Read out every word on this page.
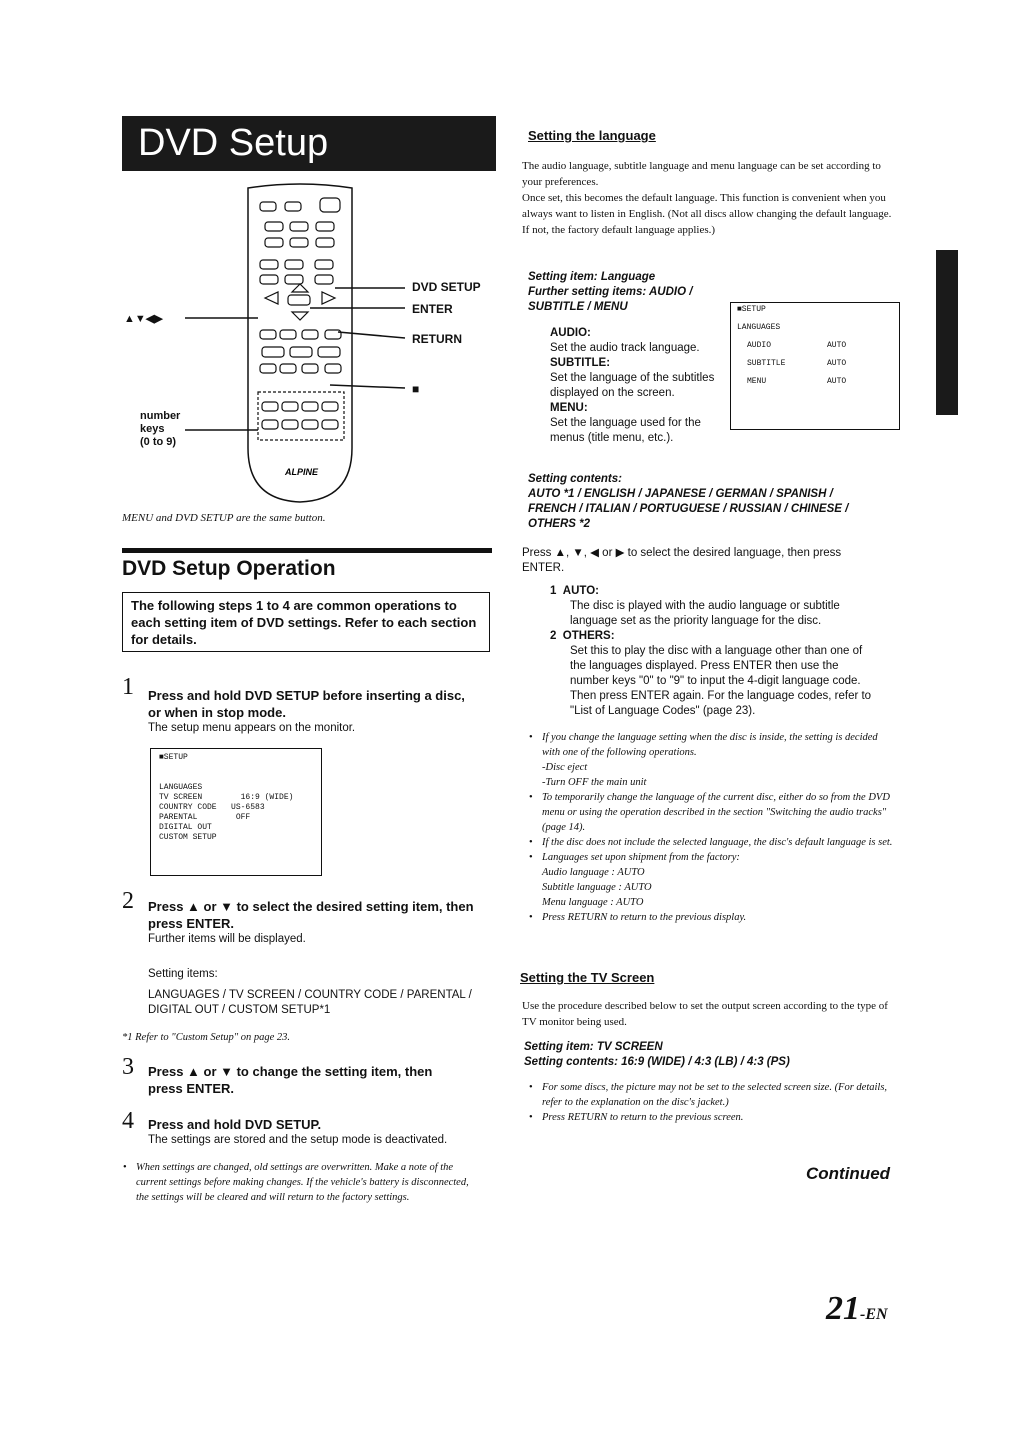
DVD Setup
ALPINE
DVD SETUP
ENTER
RETURN
■
▲▼◀▶
number
keys
(0 to 9)
MENU and DVD SETUP are the same button.
DVD Setup Operation
The following steps 1 to 4 are common operations to each setting item of DVD settings. Refer to each section for details.
1 Press and hold DVD SETUP before inserting a disc, or when in stop mode.
The setup menu appears on the monitor.
■SETUP
LANGUAGES
TV SCREEN        16:9 (WIDE)
COUNTRY CODE   US-6583
PARENTAL        OFF
DIGITAL OUT
CUSTOM SETUP
2 Press ▲ or ▼ to select the desired setting item, then press ENTER.
Further items will be displayed.
Setting items:
LANGUAGES / TV SCREEN / COUNTRY CODE / PARENTAL / DIGITAL OUT / CUSTOM SETUP*1
*1 Refer to "Custom Setup" on page 23.
3 Press ▲ or ▼ to change the setting item, then press ENTER.
4 Press and hold DVD SETUP.
The settings are stored and the setup mode is deactivated.
• When settings are changed, old settings are overwritten. Make a note of the current settings before making changes. If the vehicle's battery is disconnected, the settings will be cleared and will return to the factory settings.
Setting the language
The audio language, subtitle language and menu language can be set according to your preferences.
Once set, this becomes the default language. This function is convenient when you always want to listen in English. (Not all discs allow changing the default language. If not, the factory default language applies.)
Setting item: Language
Further setting items: AUDIO / SUBTITLE / MENU
AUDIO:
Set the audio track language.
SUBTITLE:
Set the language of the subtitles displayed on the screen.
MENU:
Set the language used for the menus (title menu, etc.).
■SETUP
LANGUAGES
AUDIO	AUTO
SUBTITLE	AUTO
MENU	AUTO
Setting contents:
AUTO *1 / ENGLISH / JAPANESE / GERMAN / SPANISH / FRENCH / ITALIAN / PORTUGUESE / RUSSIAN / CHINESE / OTHERS *2
Press ▲, ▼, ◀ or ▶ to select the desired language, then press ENTER.
1  AUTO:
The disc is played with the audio language or subtitle language set as the priority language for the disc.
2  OTHERS:
Set this to play the disc with a language other than one of the languages displayed. Press ENTER then use the number keys "0" to "9" to input the 4-digit language code. Then press ENTER again. For the language codes, refer to "List of Language Codes" (page 23).
• If you change the language setting when the disc is inside, the setting is decided with one of the following operations.
-Disc eject
-Turn OFF the main unit
• To temporarily change the language of the current disc, either do so from the DVD menu or using the operation described in the section "Switching the audio tracks" (page 14).
• If the disc does not include the selected language, the disc's default language is set.
• Languages set upon shipment from the factory:
Audio language : AUTO
Subtitle language : AUTO
Menu language : AUTO
• Press RETURN to return to the previous display.
Setting the TV Screen
Use the procedure described below to set the output screen according to the type of TV monitor being used.
Setting item: TV SCREEN
Setting contents: 16:9 (WIDE) / 4:3 (LB) / 4:3 (PS)
• For some discs, the picture may not be set to the selected screen size. (For details, refer to the explanation on the disc's jacket.)
• Press RETURN to return to the previous screen.
Continued
21-EN
